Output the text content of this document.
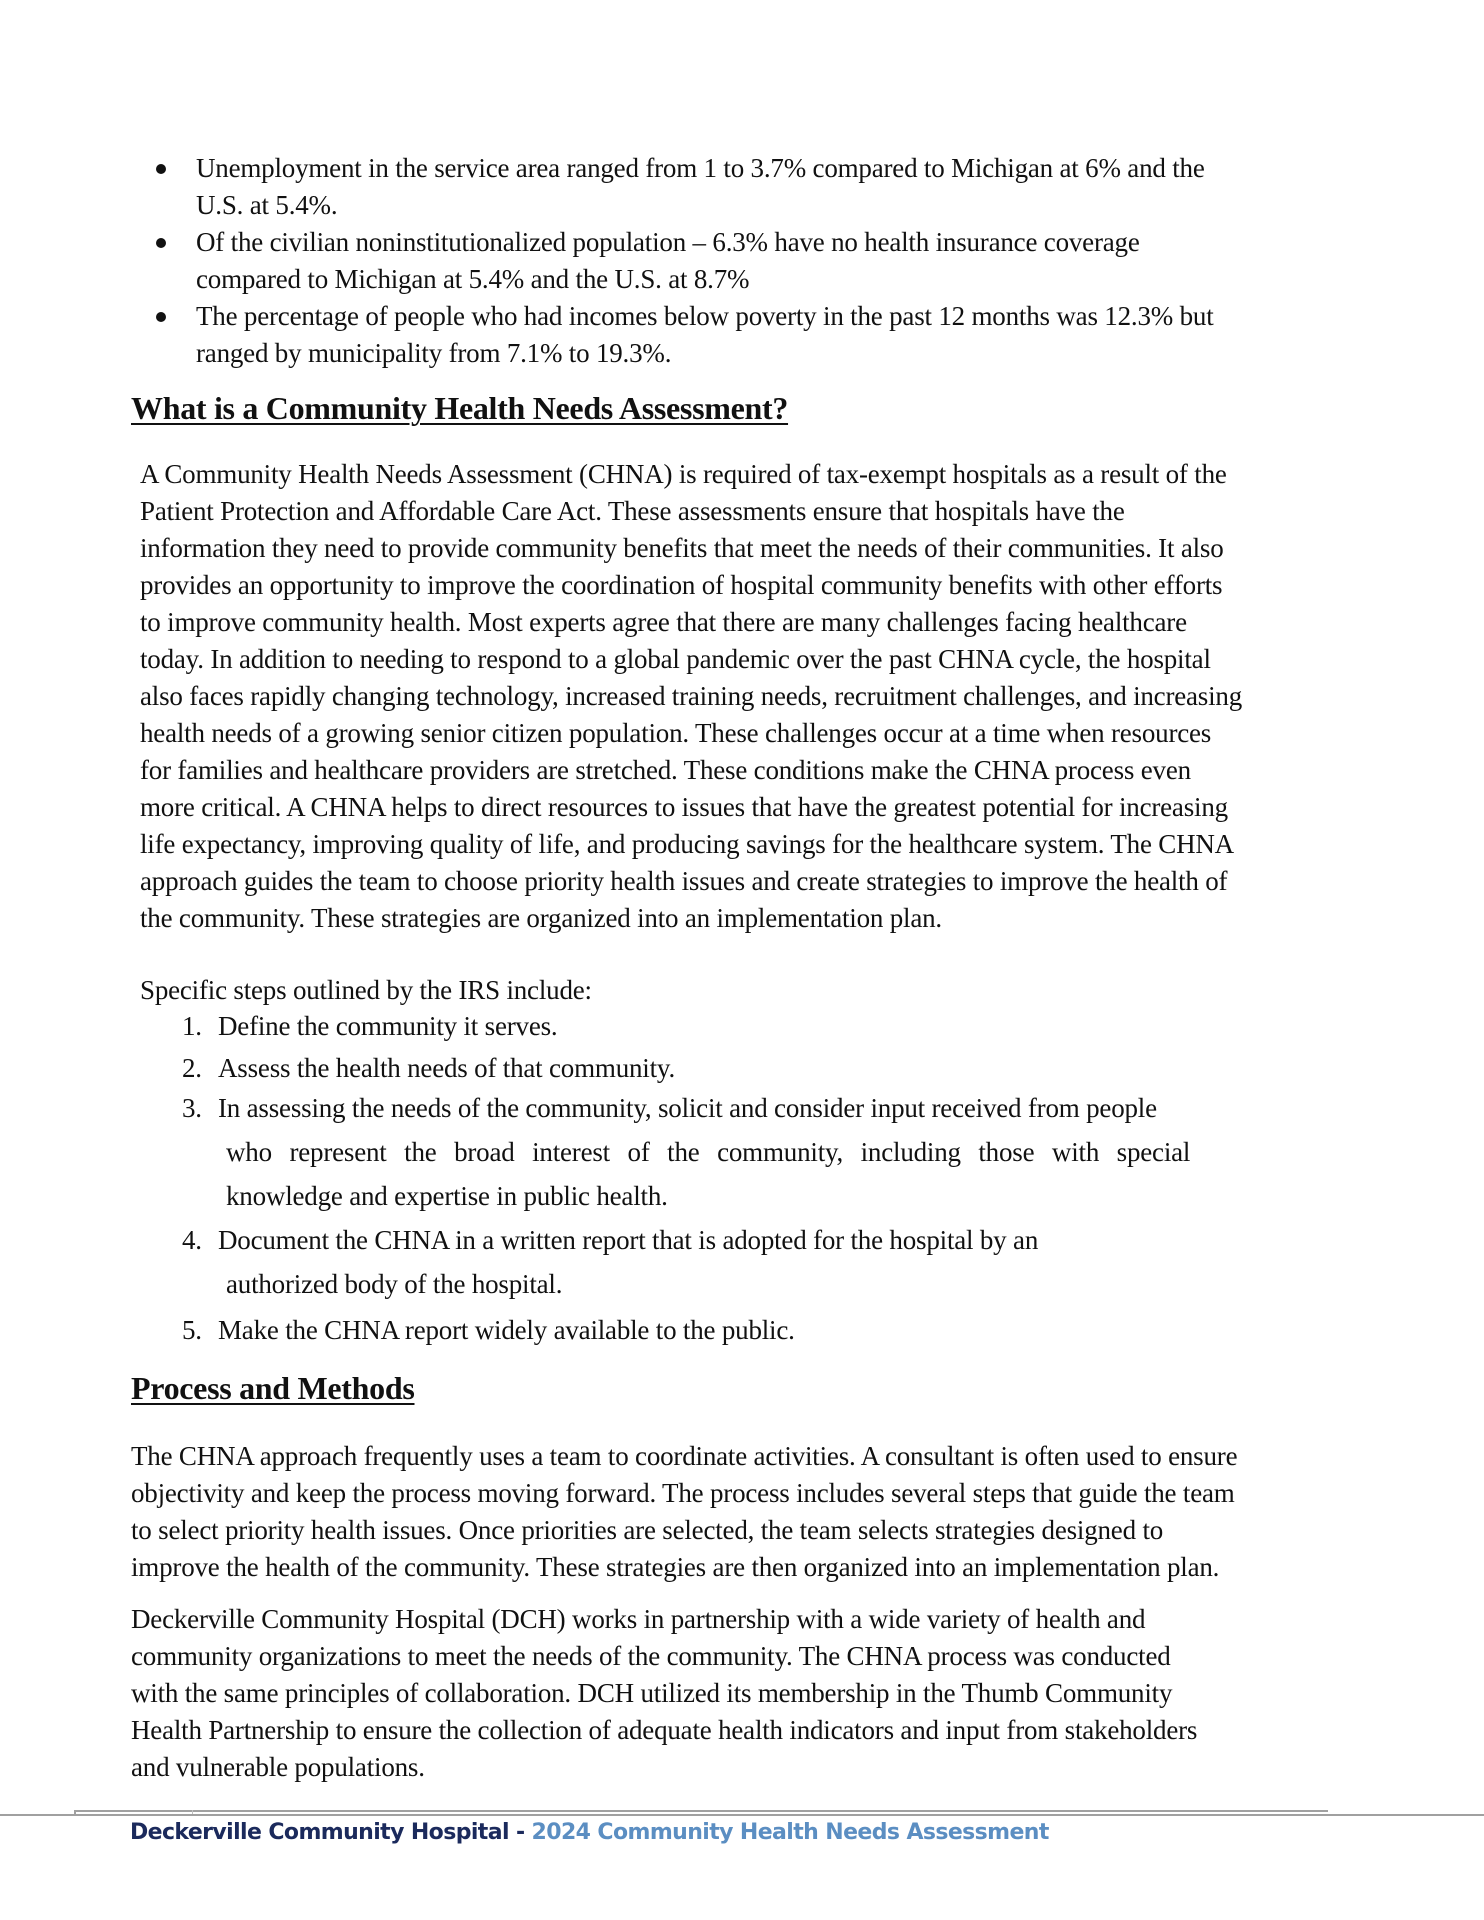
Unemployment in the service area ranged from 1 to 3.7% compared to Michigan at 6% and the
U.S. at 5.4%.
Of the civilian noninstitutionalized population – 6.3% have no health insurance coverage
compared to Michigan at 5.4% and the U.S. at 8.7%
The percentage of people who had incomes below poverty in the past 12 months was 12.3% but
ranged by municipality from 7.1% to 19.3%.
What is a Community Health Needs Assessment?
A Community Health Needs Assessment (CHNA) is required of tax-exempt hospitals as a result of the
Patient Protection and Affordable Care Act. These assessments ensure that hospitals have the
information they need to provide community benefits that meet the needs of their communities. It also
provides an opportunity to improve the coordination of hospital community benefits with other efforts
to improve community health. Most experts agree that there are many challenges facing healthcare
today. In addition to needing to respond to a global pandemic over the past CHNA cycle, the hospital
also faces rapidly changing technology, increased training needs, recruitment challenges, and increasing
health needs of a growing senior citizen population. These challenges occur at a time when resources
for families and healthcare providers are stretched. These conditions make the CHNA process even
more critical. A CHNA helps to direct resources to issues that have the greatest potential for increasing
life expectancy, improving quality of life, and producing savings for the healthcare system. The CHNA
approach guides the team to choose priority health issues and create strategies to improve the health of
the community. These strategies are organized into an implementation plan.
Specific steps outlined by the IRS include:
1. Define the community it serves.
2. Assess the health needs of that community.
3. In assessing the needs of the community, solicit and consider input received from people
who represent the broad interest of the community, including those with special
knowledge and expertise in public health.
4. Document the CHNA in a written report that is adopted for the hospital by an
authorized body of the hospital.
5. Make the CHNA report widely available to the public.
Process and Methods
The CHNA approach frequently uses a team to coordinate activities. A consultant is often used to ensure
objectivity and keep the process moving forward. The process includes several steps that guide the team
to select priority health issues. Once priorities are selected, the team selects strategies designed to
improve the health of the community. These strategies are then organized into an implementation plan.
Deckerville Community Hospital (DCH) works in partnership with a wide variety of health and
community organizations to meet the needs of the community. The CHNA process was conducted
with the same principles of collaboration. DCH utilized its membership in the Thumb Community
Health Partnership to ensure the collection of adequate health indicators and input from stakeholders
and vulnerable populations.
Deckerville Community Hospital - 2024 Community Health Needs Assessment
